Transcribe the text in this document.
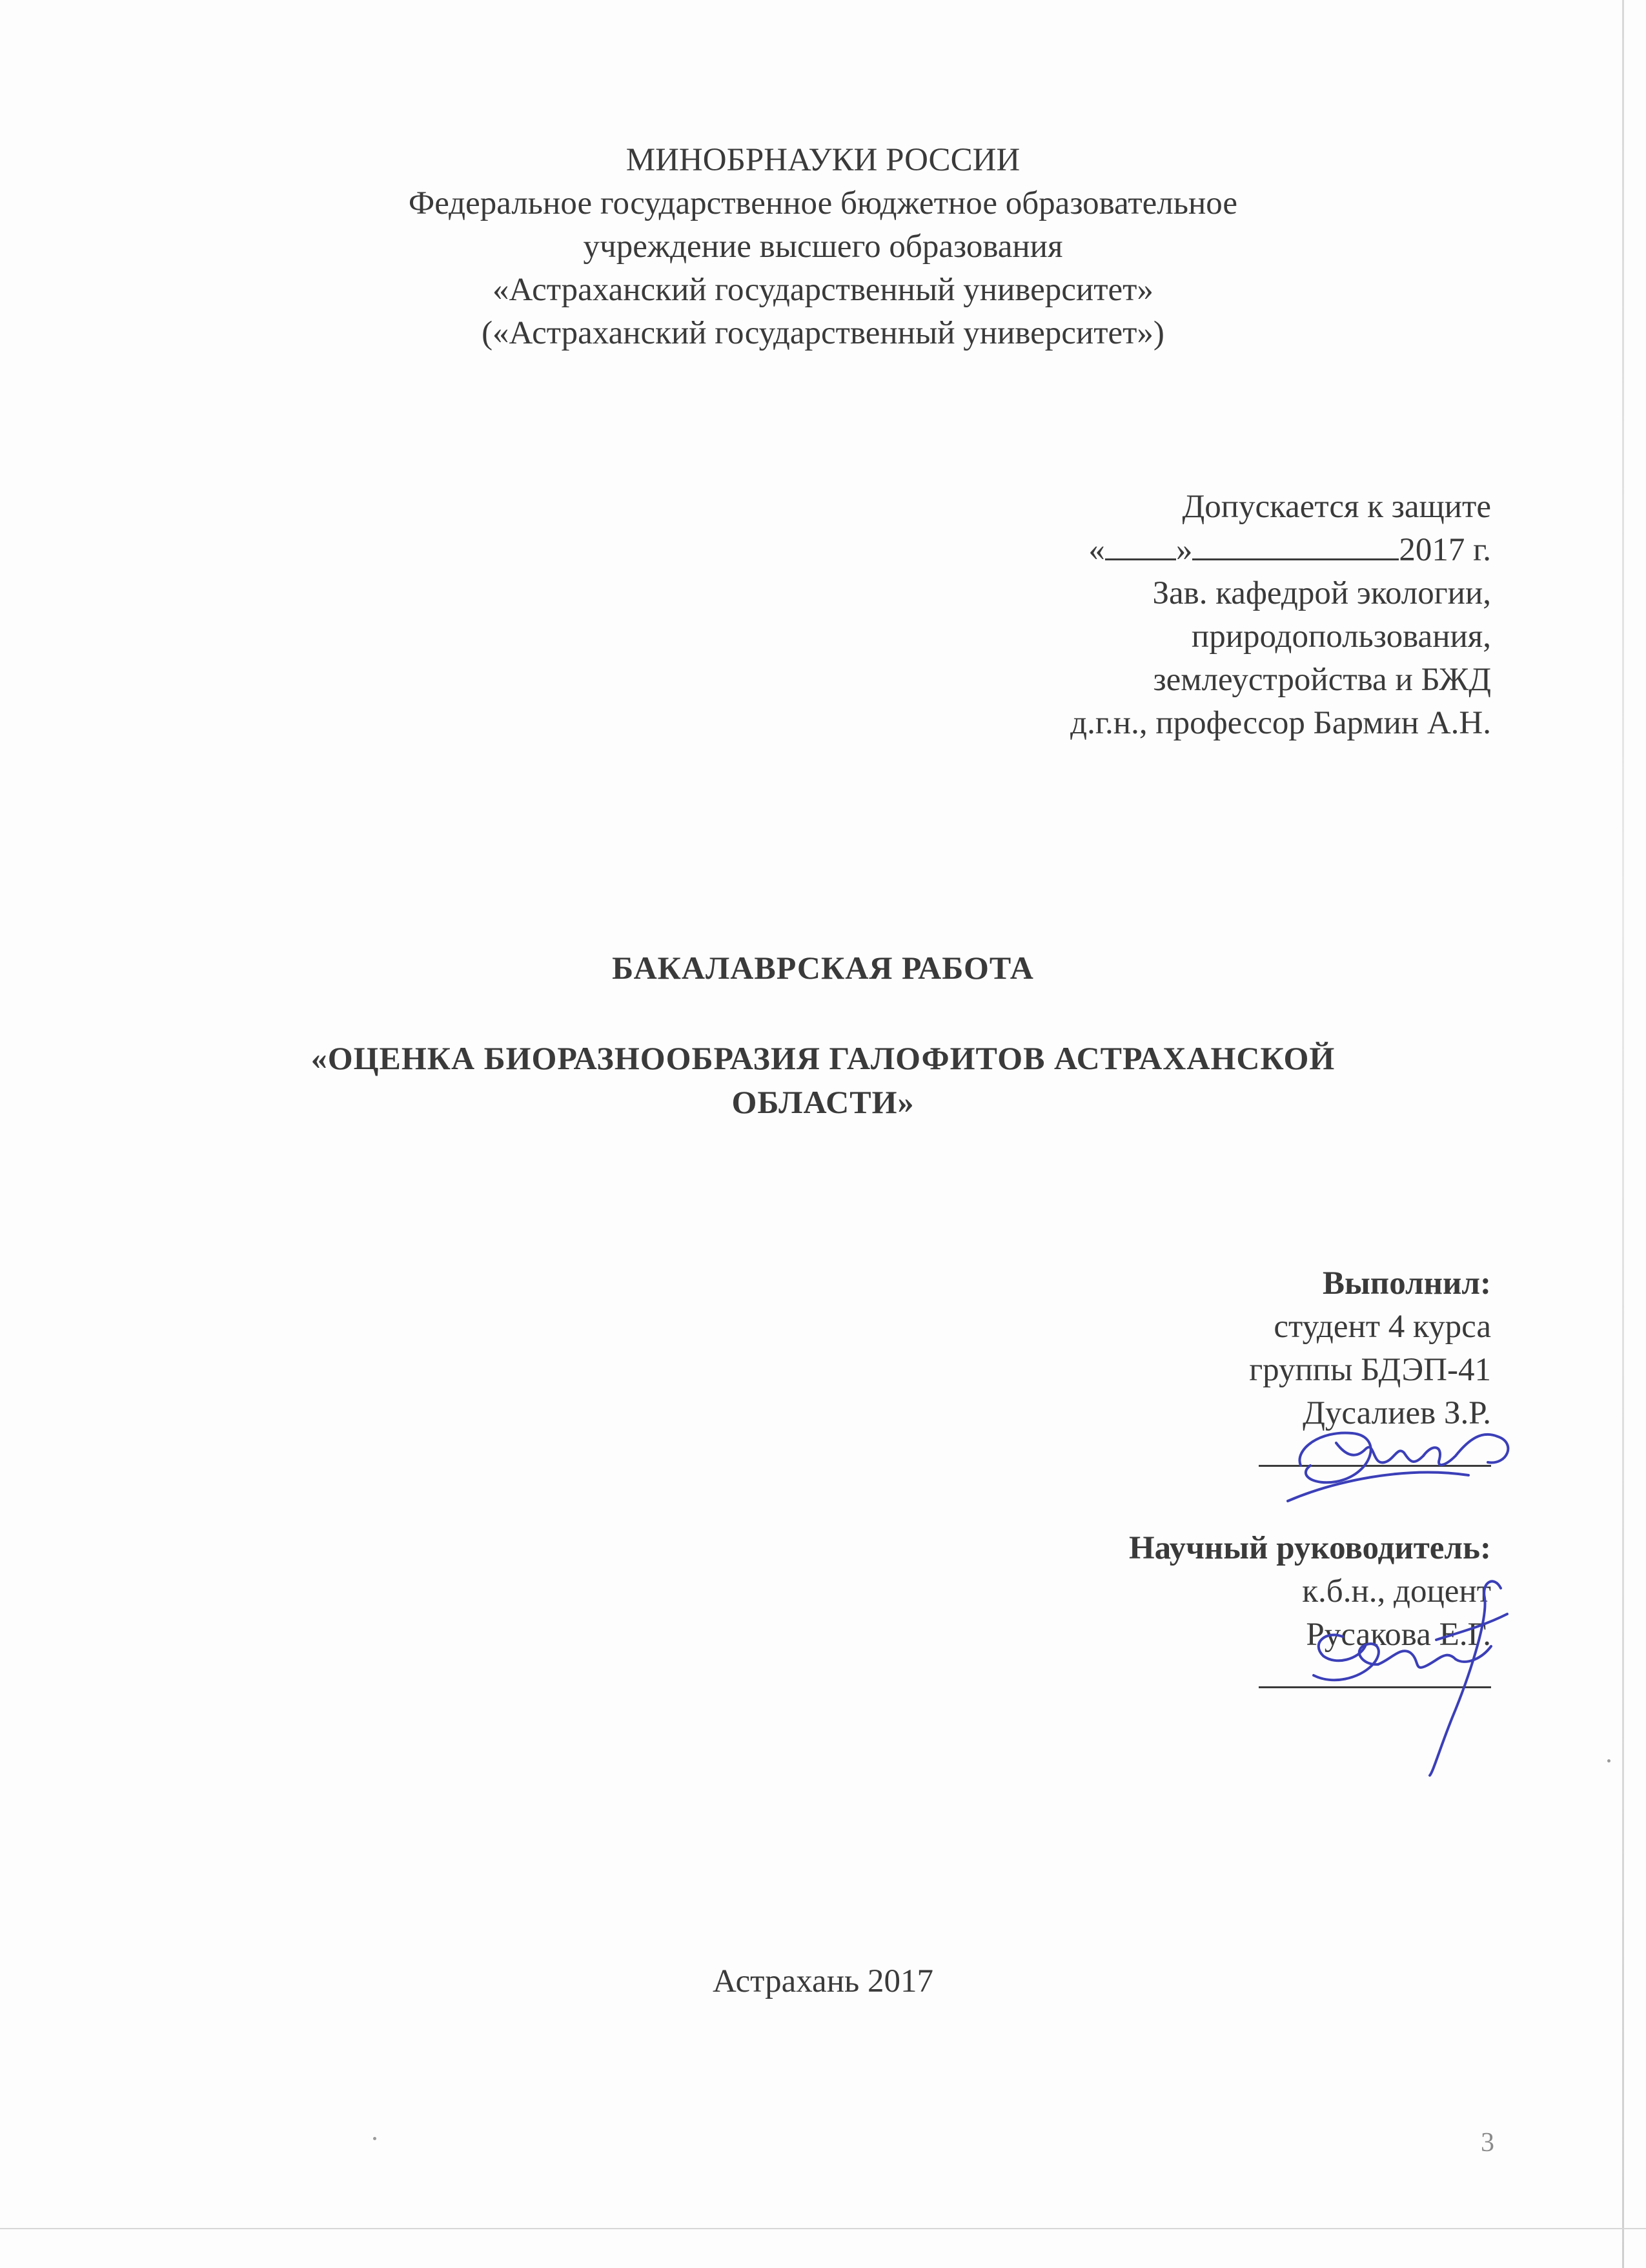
МИНОБРНАУКИ РОССИИ
Федеральное государственное бюджетное образовательное
учреждение высшего образования
«Астраханский государственный университет»
(«Астраханский государственный университет»)
Допускается к защите
« »	2017 г.
Зав. кафедрой экологии,
природопользования,
землеустройства и БЖД
д.г.н., профессор Бармин А.Н.
БАКАЛАВРСКАЯ РАБОТА
«ОЦЕНКА БИОРАЗНООБРАЗИЯ ГАЛОФИТОВ АСТРАХАНСКОЙ
ОБЛАСТИ»
Выполнил:
студент 4 курса
группы БДЭП-41
Дусалиев З.Р.
Научный руководитель:
к.б.н., доцент
Русакова Е.Г.
Астрахань 2017
3
